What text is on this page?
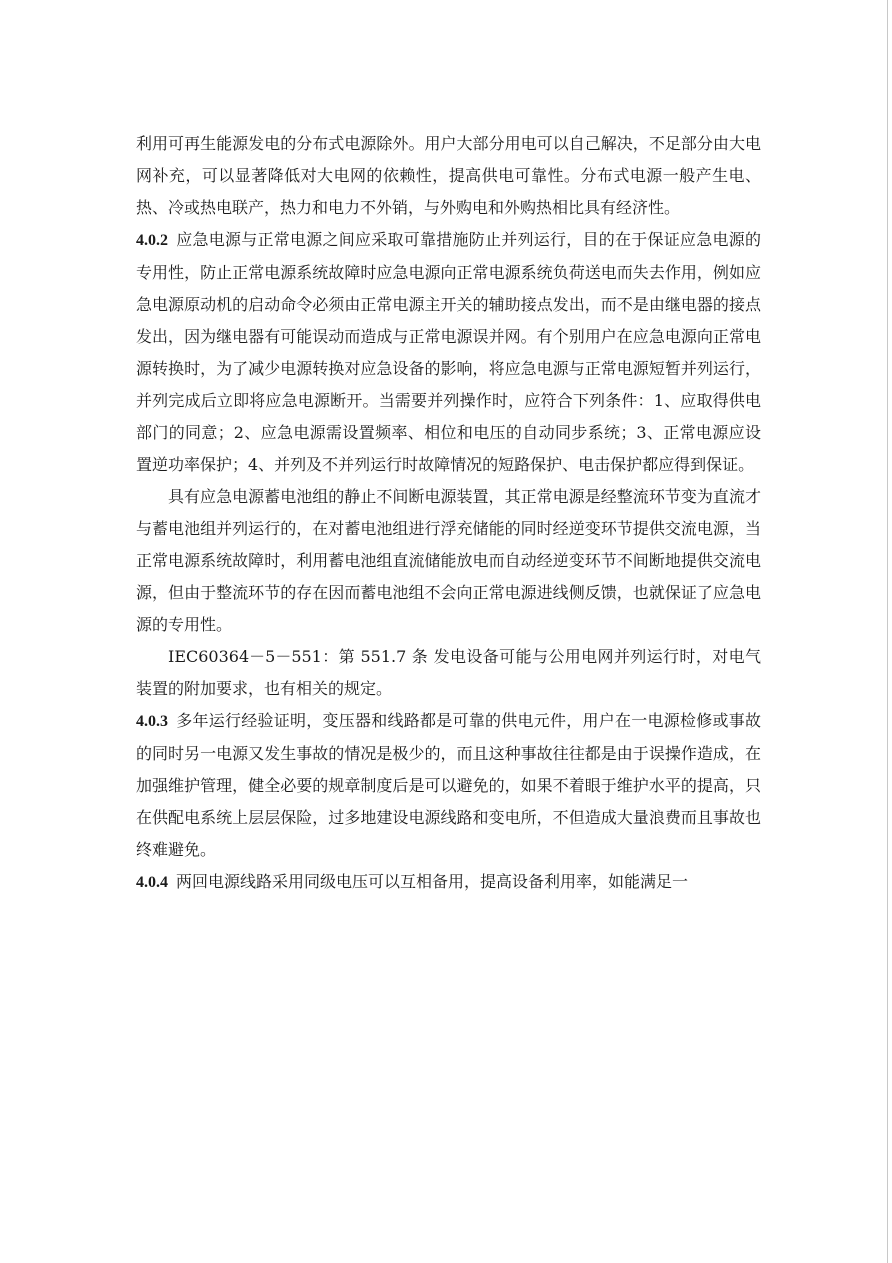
利用可再生能源发电的分布式电源除外。用户大部分用电可以自己解决，不足部分由大电网补充，可以显著降低对大电网的依赖性，提高供电可靠性。分布式电源一般产生电、热、冷或热电联产，热力和电力不外销，与外购电和外购热相比具有经济性。

4.0.2 应急电源与正常电源之间应采取可靠措施防止并列运行，目的在于保证应急电源的专用性，防止正常电源系统故障时应急电源向正常电源系统负荷送电而失去作用，例如应急电源原动机的启动命令必须由正常电源主开关的辅助接点发出，而不是由继电器的接点发出，因为继电器有可能误动而造成与正常电源误并网。有个别用户在应急电源向正常电源转换时，为了减少电源转换对应急设备的影响，将应急电源与正常电源短暂并列运行，并列完成后立即将应急电源断开。当需要并列操作时，应符合下列条件：1、应取得供电部门的同意；2、应急电源需设置频率、相位和电压的自动同步系统；3、正常电源应设置逆功率保护；4、并列及不并列运行时故障情况的短路保护、电击保护都应得到保证。

具有应急电源蓄电池组的静止不间断电源装置，其正常电源是经整流环节变为直流才与蓄电池组并列运行的，在对蓄电池组进行浮充储能的同时经逆变环节提供交流电源，当正常电源系统故障时，利用蓄电池组直流储能放电而自动经逆变环节不间断地提供交流电源，但由于整流环节的存在因而蓄电池组不会向正常电源进线侧反馈，也就保证了应急电源的专用性。

IEC60364－5－551：第 551.7 条 发电设备可能与公用电网并列运行时，对电气装置的附加要求，也有相关的规定。

4.0.3 多年运行经验证明，变压器和线路都是可靠的供电元件，用户在一电源检修或事故的同时另一电源又发生事故的情况是极少的，而且这种事故往往都是由于误操作造成，在加强维护管理，健全必要的规章制度后是可以避免的，如果不着眼于维护水平的提高，只在供配电系统上层层保险，过多地建设电源线路和变电所，不但造成大量浪费而且事故也终难避免。

4.0.4 两回电源线路采用同级电压可以互相备用，提高设备利用率，如能满足一
